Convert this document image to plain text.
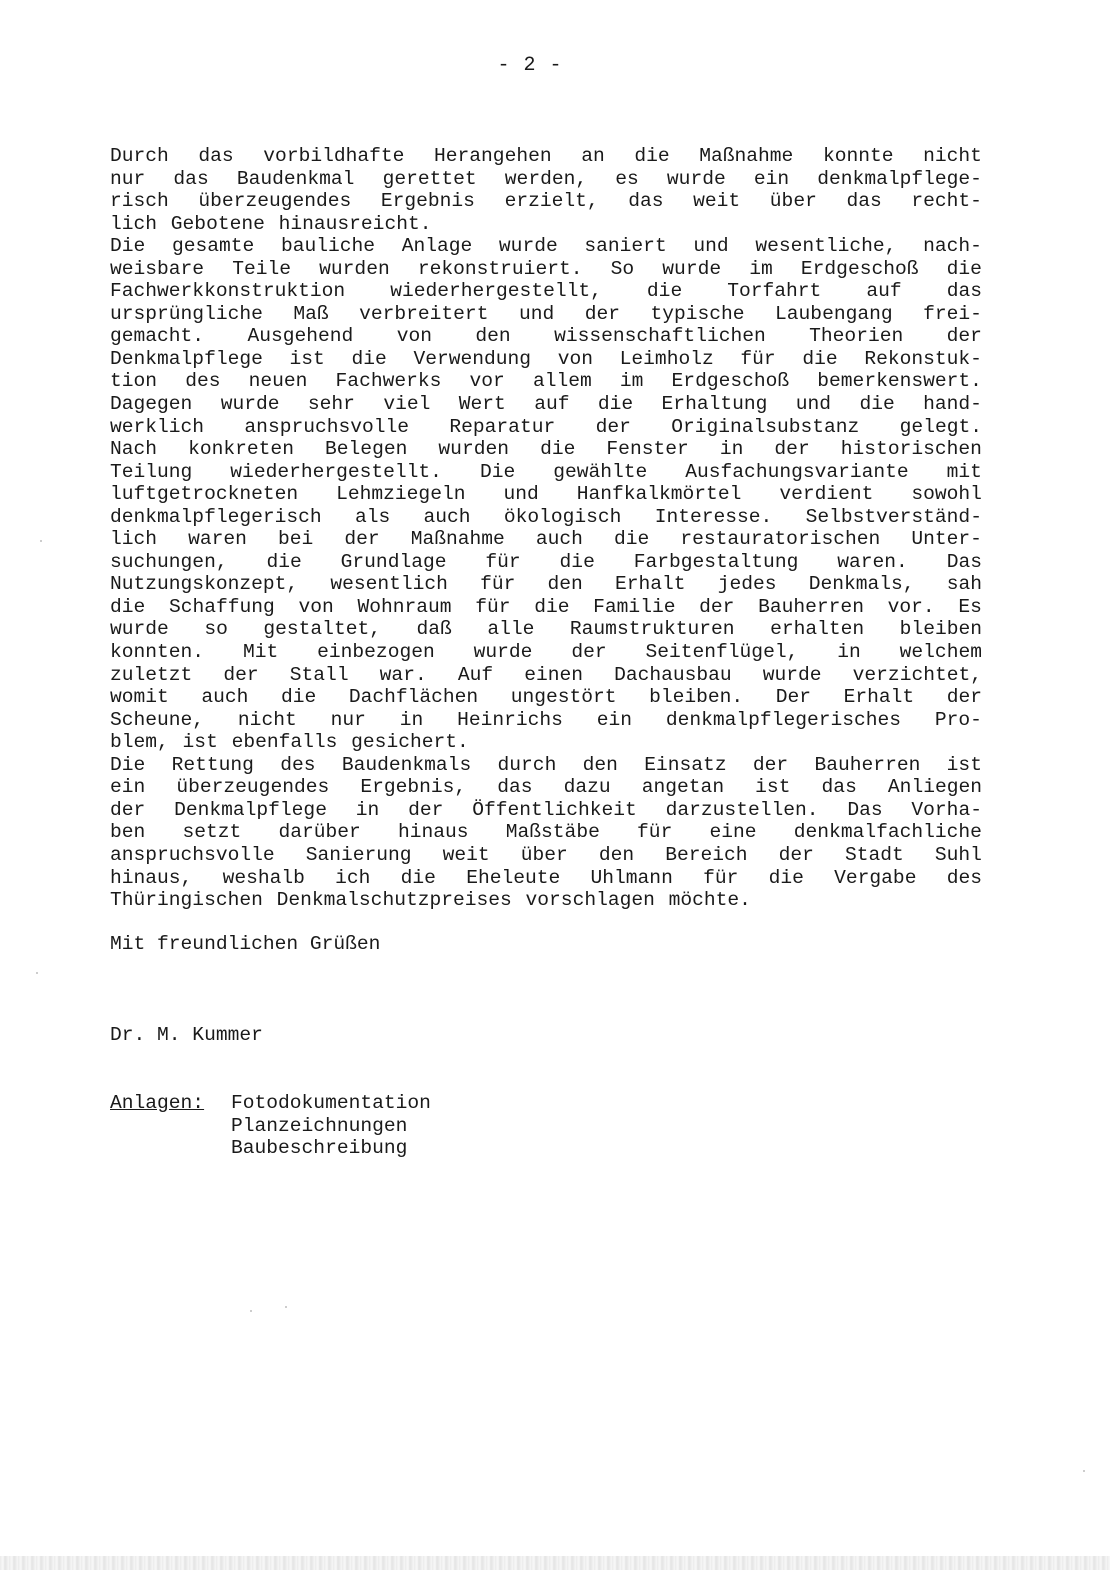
- 2 -
Durch das vorbildhafte Herangehen an die Maßnahme konnte nicht
nur das Baudenkmal gerettet werden, es wurde ein denkmalpflege-
risch überzeugendes Ergebnis erzielt, das weit über das recht-
lich Gebotene hinausreicht.
Die gesamte bauliche Anlage wurde saniert und wesentliche, nach-
weisbare Teile wurden rekonstruiert. So wurde im Erdgeschoß die
Fachwerkkonstruktion wiederhergestellt, die Torfahrt auf das
ursprüngliche Maß verbreitert und der typische Laubengang frei-
gemacht. Ausgehend von den wissenschaftlichen Theorien der
Denkmalpflege ist die Verwendung von Leimholz für die Rekonstuk-
tion des neuen Fachwerks vor allem im Erdgeschoß bemerkenswert.
Dagegen wurde sehr viel Wert auf die Erhaltung und die hand-
werklich anspruchsvolle Reparatur der Originalsubstanz gelegt.
Nach konkreten Belegen wurden die Fenster in der historischen
Teilung wiederhergestellt. Die gewählte Ausfachungsvariante mit
luftgetrockneten Lehmziegeln und Hanfkalkmörtel verdient sowohl
denkmalpflegerisch als auch ökologisch Interesse. Selbstverständ-
lich waren bei der Maßnahme auch die restauratorischen Unter-
suchungen, die Grundlage für die Farbgestaltung waren. Das
Nutzungskonzept, wesentlich für den Erhalt jedes Denkmals, sah
die Schaffung von Wohnraum für die Familie der Bauherren vor. Es
wurde so gestaltet, daß alle Raumstrukturen erhalten bleiben
konnten. Mit einbezogen wurde der Seitenflügel, in welchem
zuletzt der Stall war. Auf einen Dachausbau wurde verzichtet,
womit auch die Dachflächen ungestört bleiben. Der Erhalt der
Scheune, nicht nur in Heinrichs ein denkmalpflegerisches Pro-
blem, ist ebenfalls gesichert.
Die Rettung des Baudenkmals durch den Einsatz der Bauherren ist
ein überzeugendes Ergebnis, das dazu angetan ist das Anliegen
der Denkmalpflege in der Öffentlichkeit darzustellen. Das Vorha-
ben setzt darüber hinaus Maßstäbe für eine denkmalfachliche
anspruchsvolle Sanierung weit über den Bereich der Stadt Suhl
hinaus, weshalb ich die Eheleute Uhlmann für die Vergabe des
Thüringischen Denkmalschutzpreises vorschlagen möchte.
Mit freundlichen Grüßen
Dr. M. Kummer
Anlagen:	Fotodokumentation
Planzeichnungen
Baubeschreibung
